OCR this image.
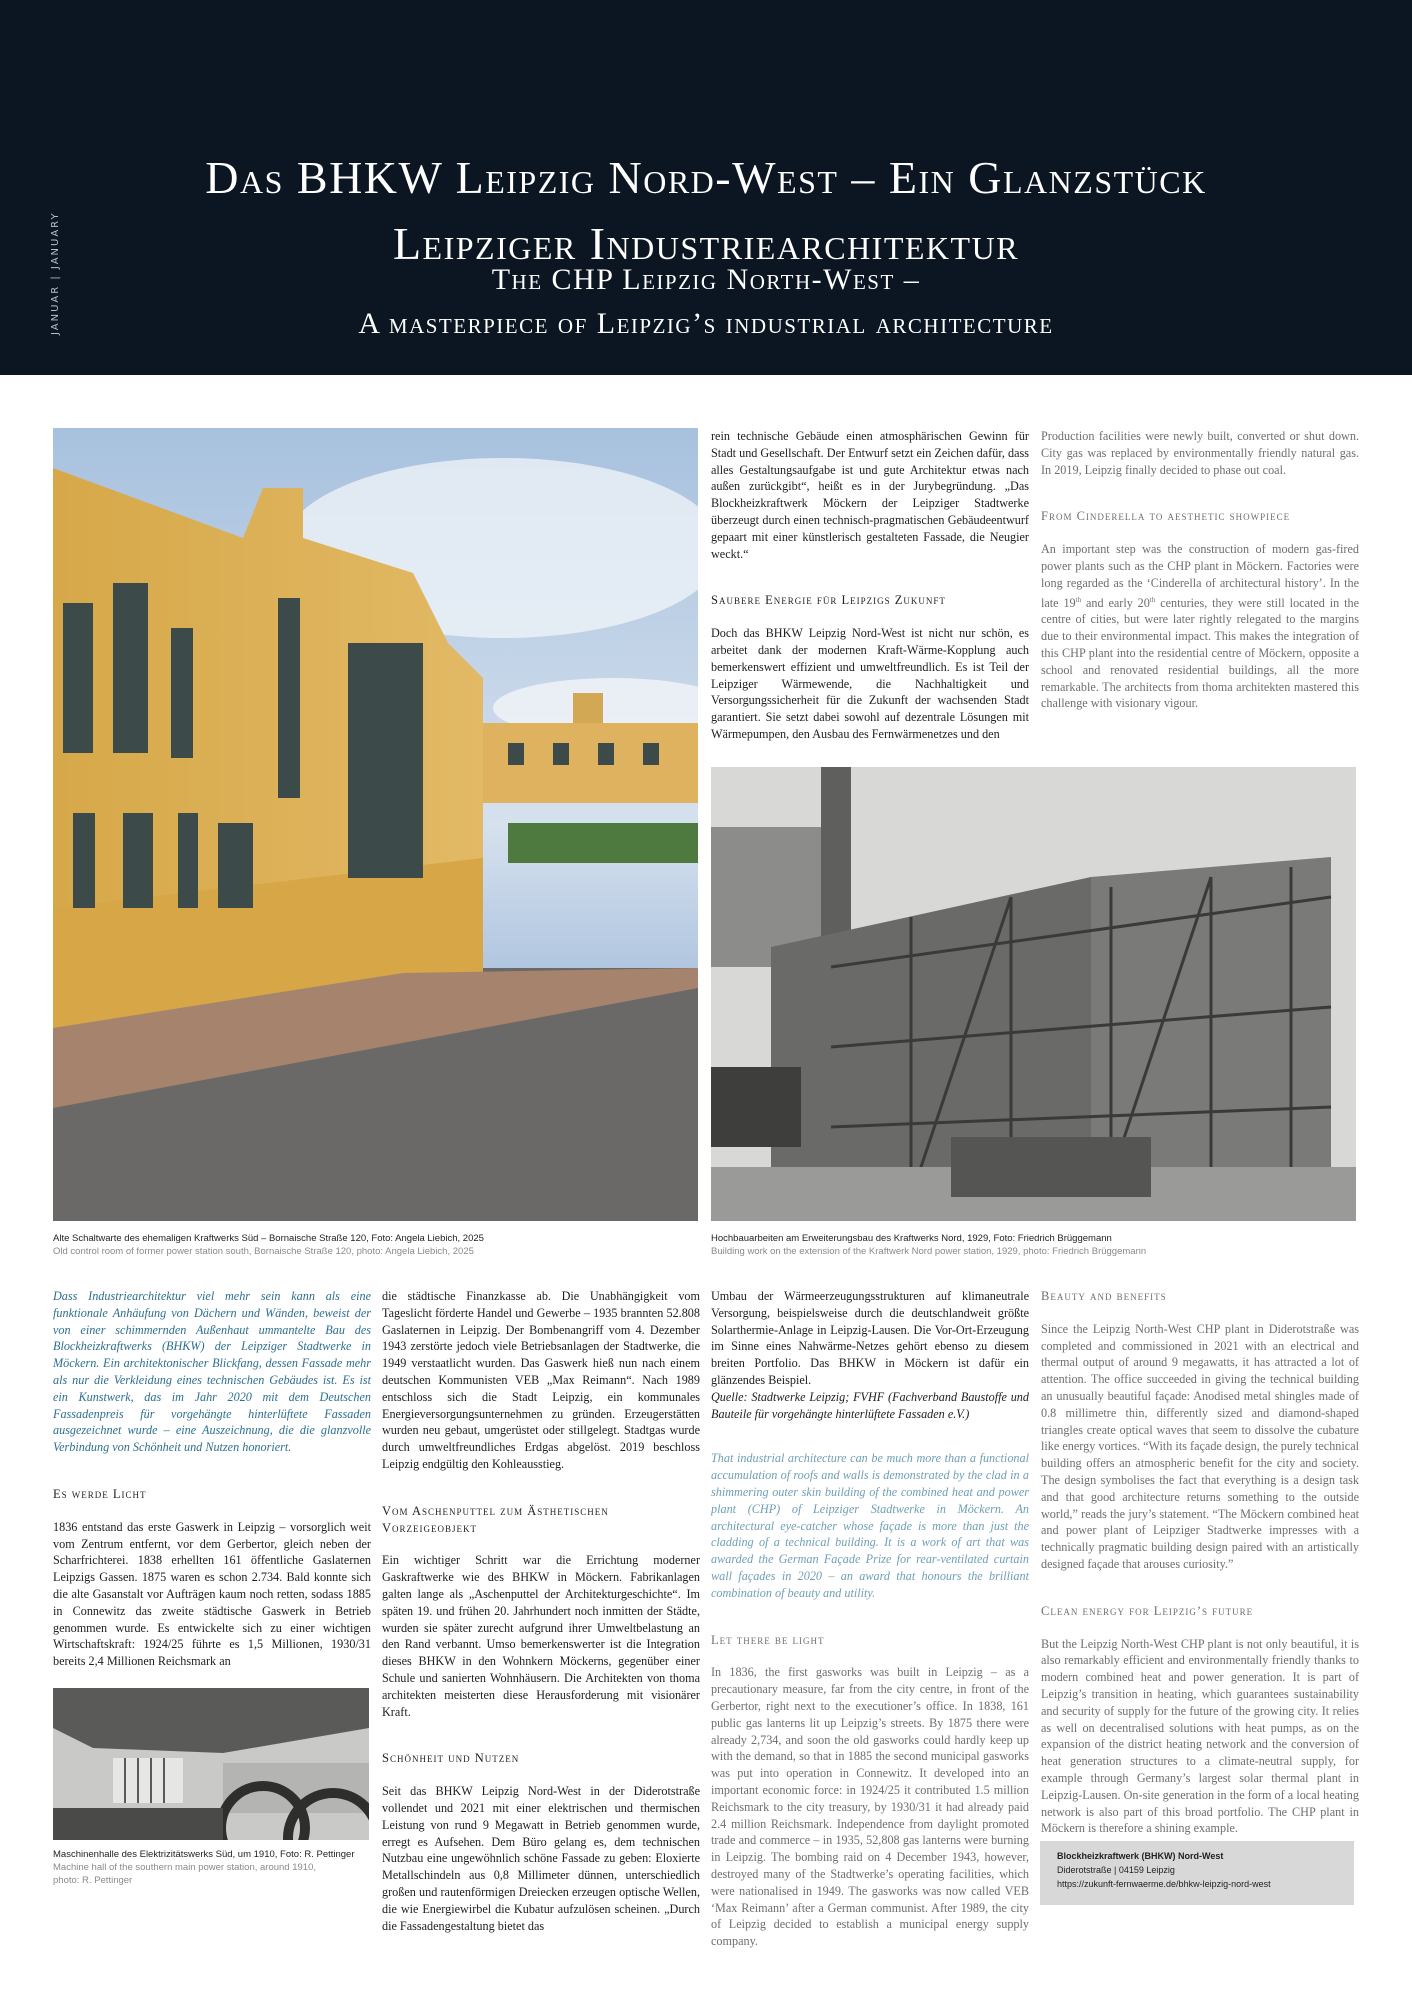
JANUAR | JANUARY
Das BHKW Leipzig Nord-West – Ein Glanzstück
Leipziger Industriearchitektur
The CHP Leipzig North-West –
A masterpiece of Leipzig’s industrial architecture
Alte Schaltwarte des ehemaligen Kraftwerks Süd – Bornaische Straße 120, Foto: Angela Liebich, 2025
Old control room of former power station south, Bornaische Straße 120, photo: Angela Liebich, 2025
Hochbauarbeiten am Erweiterungsbau des Kraftwerks Nord, 1929, Foto: Friedrich Brüggemann
Building work on the extension of the Kraftwerk Nord power station, 1929, photo: Friedrich Brüggemann
Maschinenhalle des Elektrizitätswerks Süd, um 1910, Foto: R. Pettinger
Machine hall of the southern main power station, around 1910,
photo: R. Pettinger

rein technische Gebäude einen atmosphärischen Gewinn für Stadt und Gesellschaft. Der Entwurf setzt ein Zeichen dafür, dass alles Gestaltungsaufgabe ist und gute Architektur etwas nach außen zurückgibt“, heißt es in der Jurybegründung. „Das Blockheizkraftwerk Möckern der Leipziger Stadtwerke überzeugt durch einen technisch-pragmatischen Gebäudeentwurf gepaart mit einer künstlerisch gestalteten Fassade, die Neugier weckt.“

Saubere Energie für Leipzigs Zukunft

Doch das BHKW Leipzig Nord-West ist nicht nur schön, es arbeitet dank der modernen Kraft-Wärme-Kopplung auch bemerkenswert effizient und umweltfreundlich. Es ist Teil der Leipziger Wärmewende, die Nachhaltigkeit und Versorgungssicherheit für die Zukunft der wachsenden Stadt garantiert. Sie setzt dabei sowohl auf dezentrale Lösungen mit Wärmepumpen, den Ausbau des Fernwärmenetzes und den

Production facilities were newly built, converted or shut down. City gas was replaced by environmentally friendly natural gas. In 2019, Leipzig finally decided to phase out coal.

From Cinderella to aesthetic showpiece

An important step was the construction of modern gas-fired power plants such as the CHP plant in Möckern. Factories were long regarded as the ‘Cinderella of architectural history’. In the late 19th and early 20th centuries, they were still located in the centre of cities, but were later rightly relegated to the margins due to their environmental impact. This makes the integration of this CHP plant into the residential centre of Möckern, opposite a school and renovated residential buildings, all the more remarkable. The architects from thoma architekten mastered this challenge with visionary vigour.

Dass Industriearchitektur viel mehr sein kann als eine funktionale Anhäufung von Dächern und Wänden, beweist der von einer schimmernden Außenhaut ummantelte Bau des Blockheizkraftwerks (BHKW) der Leipziger Stadtwerke in Möckern. Ein architektonischer Blickfang, dessen Fassade mehr als nur die Verkleidung eines technischen Gebäudes ist. Es ist ein Kunstwerk, das im Jahr 2020 mit dem Deutschen Fassadenpreis für vorgehängte hinterlüftete Fassaden ausgezeichnet wurde – eine Auszeichnung, die die glanzvolle Verbindung von Schönheit und Nutzen honoriert.

Es werde Licht

1836 entstand das erste Gaswerk in Leipzig – vorsorglich weit vom Zentrum entfernt, vor dem Gerbertor, gleich neben der Scharfrichterei. 1838 erhellten 161 öffentliche Gaslaternen Leipzigs Gassen. 1875 waren es schon 2.734. Bald konnte sich die alte Gasanstalt vor Aufträgen kaum noch retten, sodass 1885 in Connewitz das zweite städtische Gaswerk in Betrieb genommen wurde. Es entwickelte sich zu einer wichtigen Wirtschaftskraft: 1924/25 führte es 1,5 Millionen, 1930/31 bereits 2,4 Millionen Reichsmark an

die städtische Finanzkasse ab. Die Unabhängigkeit vom Tageslicht förderte Handel und Gewerbe – 1935 brannten 52.808 Gaslaternen in Leipzig. Der Bombenangriff vom 4. Dezember 1943 zerstörte jedoch viele Betriebsanlagen der Stadtwerke, die 1949 verstaatlicht wurden. Das Gaswerk hieß nun nach einem deutschen Kommunisten VEB „Max Reimann“. Nach 1989 entschloss sich die Stadt Leipzig, ein kommunales Energieversorgungsunternehmen zu gründen. Erzeugerstätten wurden neu gebaut, umgerüstet oder stillgelegt. Stadtgas wurde durch umweltfreundliches Erdgas abgelöst. 2019 beschloss Leipzig endgültig den Kohleausstieg.

Vom Aschenputtel zum Ästhetischen
Vorzeigeobjekt

Ein wichtiger Schritt war die Errichtung moderner Gaskraftwerke wie des BHKW in Möckern. Fabrikanlagen galten lange als „Aschenputtel der Architekturgeschichte“. Im späten 19. und frühen 20. Jahrhundert noch inmitten der Städte, wurden sie später zurecht aufgrund ihrer Umweltbelastung an den Rand verbannt. Umso bemerkenswerter ist die Integration dieses BHKW in den Wohnkern Möckerns, gegenüber einer Schule und sanierten Wohnhäusern. Die Architekten von thoma architekten meisterten diese Herausforderung mit visionärer Kraft.

Schönheit und Nutzen

Seit das BHKW Leipzig Nord-West in der Diderotstraße vollendet und 2021 mit einer elektrischen und thermischen Leistung von rund 9 Megawatt in Betrieb genommen wurde, erregt es Aufsehen. Dem Büro gelang es, dem technischen Nutzbau eine ungewöhnlich schöne Fassade zu geben: Eloxierte Metallschindeln aus 0,8 Millimeter dünnen, unterschiedlich großen und rautenförmigen Dreiecken erzeugen optische Wellen, die wie Energiewirbel die Kubatur aufzulösen scheinen. „Durch die Fassadengestaltung bietet das

Umbau der Wärmeerzeugungsstrukturen auf klimaneutrale Versorgung, beispielsweise durch die deutschlandweit größte Solarthermie-Anlage in Leipzig-Lausen. Die Vor-Ort-Erzeugung im Sinne eines Nahwärme-Netzes gehört ebenso zu diesem breiten Portfolio. Das BHKW in Möckern ist dafür ein glänzendes Beispiel.

Quelle: Stadtwerke Leipzig; FVHF (Fachverband Baustoffe und Bauteile für vorgehängte hinterlüftete Fassaden e.V.)

That industrial architecture can be much more than a functional accumulation of roofs and walls is demonstrated by the clad in a shimmering outer skin building of the combined heat and power plant (CHP) of Leipziger Stadtwerke in Möckern. An architectural eye-catcher whose façade is more than just the cladding of a technical building. It is a work of art that was awarded the German Façade Prize for rear-ventilated curtain wall façades in 2020 – an award that honours the brilliant combination of beauty and utility.

Let there be light

In 1836, the first gasworks was built in Leipzig – as a precautionary measure, far from the city centre, in front of the Gerbertor, right next to the executioner’s office. In 1838, 161 public gas lanterns lit up Leipzig’s streets. By 1875 there were already 2,734, and soon the old gasworks could hardly keep up with the demand, so that in 1885 the second municipal gasworks was put into operation in Connewitz. It developed into an important economic force: in 1924/25 it contributed 1.5 million Reichsmark to the city treasury, by 1930/31 it had already paid 2.4 million Reichsmark. Independence from daylight promoted trade and commerce – in 1935, 52,808 gas lanterns were burning in Leipzig. The bombing raid on 4 December 1943, however, destroyed many of the Stadtwerke’s operating facilities, which were nationalised in 1949. The gasworks was now called VEB ‘Max Reimann’ after a German communist. After 1989, the city of Leipzig decided to establish a municipal energy supply company.

Beauty and benefits

Since the Leipzig North-West CHP plant in Diderotstraße was completed and commissioned in 2021 with an electrical and thermal output of around 9 megawatts, it has attracted a lot of attention. The office succeeded in giving the technical building an unusually beautiful façade: Anodised metal shingles made of 0.8 millimetre thin, differently sized and diamond-shaped triangles create optical waves that seem to dissolve the cubature like energy vortices. “With its façade design, the purely technical building offers an atmospheric benefit for the city and society. The design symbolises the fact that everything is a design task and that good architecture returns something to the outside world,” reads the jury’s statement. “The Möckern combined heat and power plant of Leipziger Stadtwerke impresses with a technically pragmatic building design paired with an artistically designed façade that arouses curiosity.”

Clean energy for Leipzig’s future

But the Leipzig North-West CHP plant is not only beautiful, it is also remarkably efficient and environmentally friendly thanks to modern combined heat and power generation. It is part of Leipzig’s transition in heating, which guarantees sustainability and security of supply for the future of the growing city. It relies as well on decentralised solutions with heat pumps, as on the expansion of the district heating network and the conversion of heat generation structures to a climate-neutral supply, for example through Germany’s largest solar thermal plant in Leipzig-Lausen. On-site generation in the form of a local heating network is also part of this broad portfolio. The CHP plant in Möckern is therefore a shining example.

Blockheizkraftwerk (BHKW) Nord-West
Diderotstraße | 04159 Leipzig
https://zukunft-fernwaerme.de/bhkw-leipzig-nord-west
